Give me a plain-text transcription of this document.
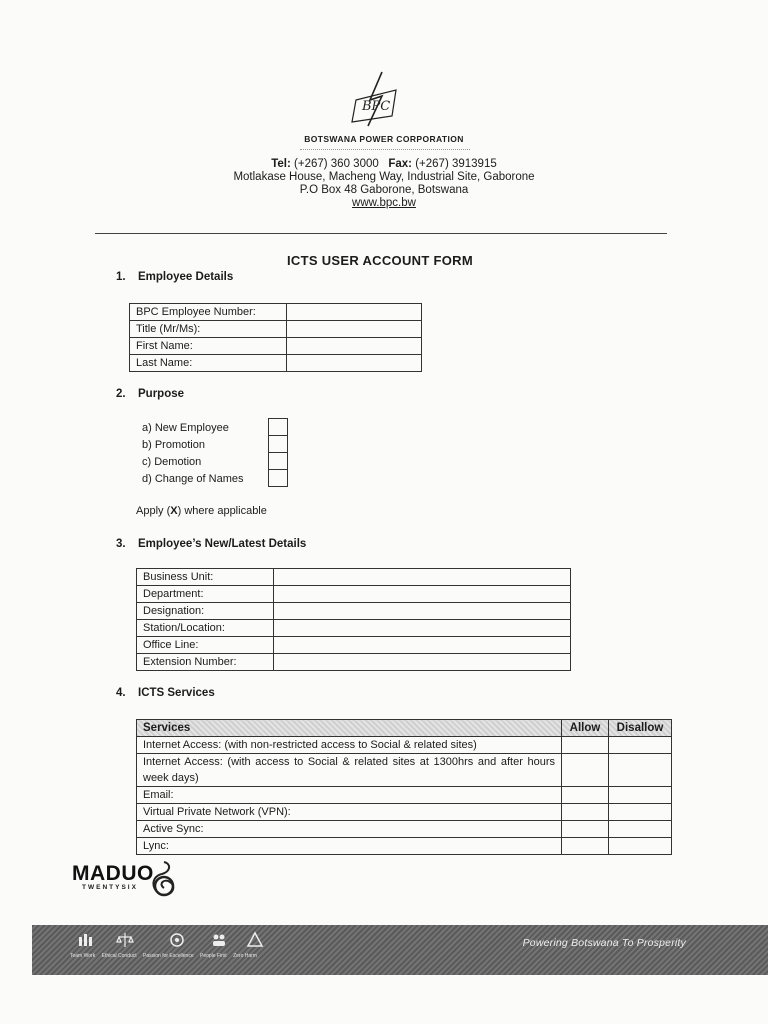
BPC
BOTSWANA POWER CORPORATION
Tel: (+267) 360 3000 Fax: (+267) 3913915
Motlakase House, Macheng Way, Industrial Site, Gaborone
P.O Box 48 Gaborone, Botswana
www.bpc.bw
ICTS USER ACCOUNT FORM
1. Employee Details
BPC Employee Number:	
Title (Mr/Ms):	
First Name:	
Last Name:	
2. Purpose
a) New Employee
b) Promotion
c) Demotion
d) Change of Names
Apply (X) where applicable
3. Employee’s New/Latest Details
Business Unit:	
Department:	
Designation:	
Station/Location:	
Office Line:	
Extension Number:	
4. ICTS Services
Services	Allow	Disallow
Internet Access: (with non-restricted access to Social & related sites)		
Internet Access: (with access to Social & related sites at 1300hrs and after hours week days)		
Email:		
Virtual Private Network (VPN):		
Active Sync:		
Lync:		
MADUO
TWENTYSIX
Team Work Ethical Conduct Passion for Excellence People First Zero Harm
Powering Botswana To Prosperity
